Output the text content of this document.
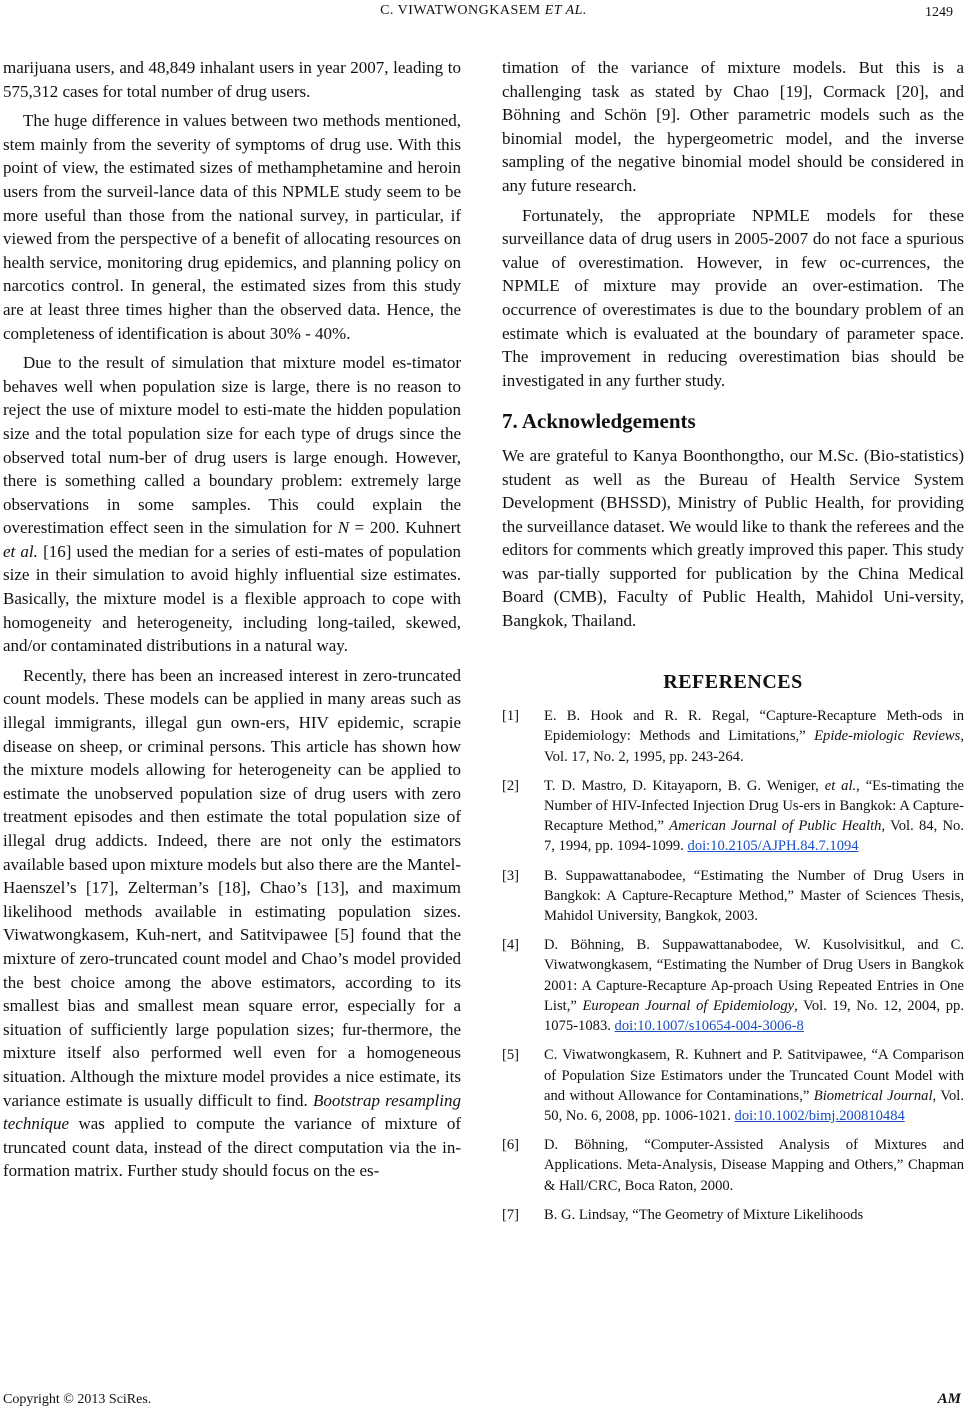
C. VIWATWONGKASEM ET AL.	1249

marijuana users, and 48,849 inhalant users in year 2007, leading to 575,312 cases for total number of drug users.

The huge difference in values between two methods mentioned, stem mainly from the severity of symptoms of drug use. With this point of view, the estimated sizes of methamphetamine and heroin users from the surveil-lance data of this NPMLE study seem to be more useful than those from the national survey, in particular, if viewed from the perspective of a benefit of allocating resources on health service, monitoring drug epidemics, and planning policy on narcotics control. In general, the estimated sizes from this study are at least three times higher than the observed data. Hence, the completeness of identification is about 30% - 40%.

Due to the result of simulation that mixture model es-timator behaves well when population size is large, there is no reason to reject the use of mixture model to esti-mate the hidden population size and the total population size for each type of drugs since the observed total num-ber of drug users is large enough. However, there is something called a boundary problem: extremely large observations in some samples. This could explain the overestimation effect seen in the simulation for N = 200. Kuhnert et al. [16] used the median for a series of esti-mates of population size in their simulation to avoid highly influential size estimates. Basically, the mixture model is a flexible approach to cope with homogeneity and heterogeneity, including long-tailed, skewed, and/or contaminated distributions in a natural way.

Recently, there has been an increased interest in zero-truncated count models. These models can be applied in many areas such as illegal immigrants, illegal gun own-ers, HIV epidemic, scrapie disease on sheep, or criminal persons. This article has shown how the mixture models allowing for heterogeneity can be applied to estimate the unobserved population size of drug users with zero treatment episodes and then estimate the total population size of illegal drug addicts. Indeed, there are not only the estimators available based upon mixture models but also there are the Mantel-Haenszel’s [17], Zelterman’s [18], Chao’s [13], and maximum likelihood methods available in estimating population sizes. Viwatwongkasem, Kuh-nert, and Satitvipawee [5] found that the mixture of zero-truncated count model and Chao’s model provided the best choice among the above estimators, according to its smallest bias and smallest mean square error, especially for a situation of sufficiently large population sizes; fur-thermore, the mixture itself also performed well even for a homogeneous situation. Although the mixture model provides a nice estimate, its variance estimate is usually difficult to find. Bootstrap resampling technique was applied to compute the variance of mixture of truncated count data, instead of the direct computation via the in-formation matrix. Further study should focus on the es-

timation of the variance of mixture models. But this is a challenging task as stated by Chao [19], Cormack [20], and Böhning and Schön [9]. Other parametric models such as the binomial model, the hypergeometric model, and the inverse sampling of the negative binomial model should be considered in any future research.

Fortunately, the appropriate NPMLE models for these surveillance data of drug users in 2005-2007 do not face a spurious value of overestimation. However, in few oc-currences, the NPMLE of mixture may provide an over-estimation. The occurrence of overestimates is due to the boundary problem of an estimate which is evaluated at the boundary of parameter space. The improvement in reducing overestimation bias should be investigated in any further study.

7. Acknowledgements

We are grateful to Kanya Boonthongtho, our M.Sc. (Bio-statistics) student as well as the Bureau of Health Service System Development (BHSSD), Ministry of Public Health, for providing the surveillance dataset. We would like to thank the referees and the editors for comments which greatly improved this paper. This study was par-tially supported for publication by the China Medical Board (CMB), Faculty of Public Health, Mahidol Uni-versity, Bangkok, Thailand.

REFERENCES
[1] E. B. Hook and R. R. Regal, “Capture-Recapture Meth-ods in Epidemiology: Methods and Limitations,” Epide-miologic Reviews, Vol. 17, No. 2, 1995, pp. 243-264.
[2] T. D. Mastro, D. Kitayaporn, B. G. Weniger, et al., “Es-timating the Number of HIV-Infected Injection Drug Us-ers in Bangkok: A Capture-Recapture Method,” American Journal of Public Health, Vol. 84, No. 7, 1994, pp. 1094-1099. doi:10.2105/AJPH.84.7.1094
[3] B. Suppawattanabodee, “Estimating the Number of Drug Users in Bangkok: A Capture-Recapture Method,” Master of Sciences Thesis, Mahidol University, Bangkok, 2003.
[4] D. Böhning, B. Suppawattanabodee, W. Kusolvisitkul, and C. Viwatwongkasem, “Estimating the Number of Drug Users in Bangkok 2001: A Capture-Recapture Ap-proach Using Repeated Entries in One List,” European Journal of Epidemiology, Vol. 19, No. 12, 2004, pp. 1075-1083. doi:10.1007/s10654-004-3006-8
[5] C. Viwatwongkasem, R. Kuhnert and P. Satitvipawee, “A Comparison of Population Size Estimators under the Truncated Count Model with and without Allowance for Contaminations,” Biometrical Journal, Vol. 50, No. 6, 2008, pp. 1006-1021. doi:10.1002/bimj.200810484
[6] D. Böhning, “Computer-Assisted Analysis of Mixtures and Applications. Meta-Analysis, Disease Mapping and Others,” Chapman & Hall/CRC, Boca Raton, 2000.
[7] B. G. Lindsay, “The Geometry of Mixture Likelihoods
Copyright © 2013 SciRes.	AM
